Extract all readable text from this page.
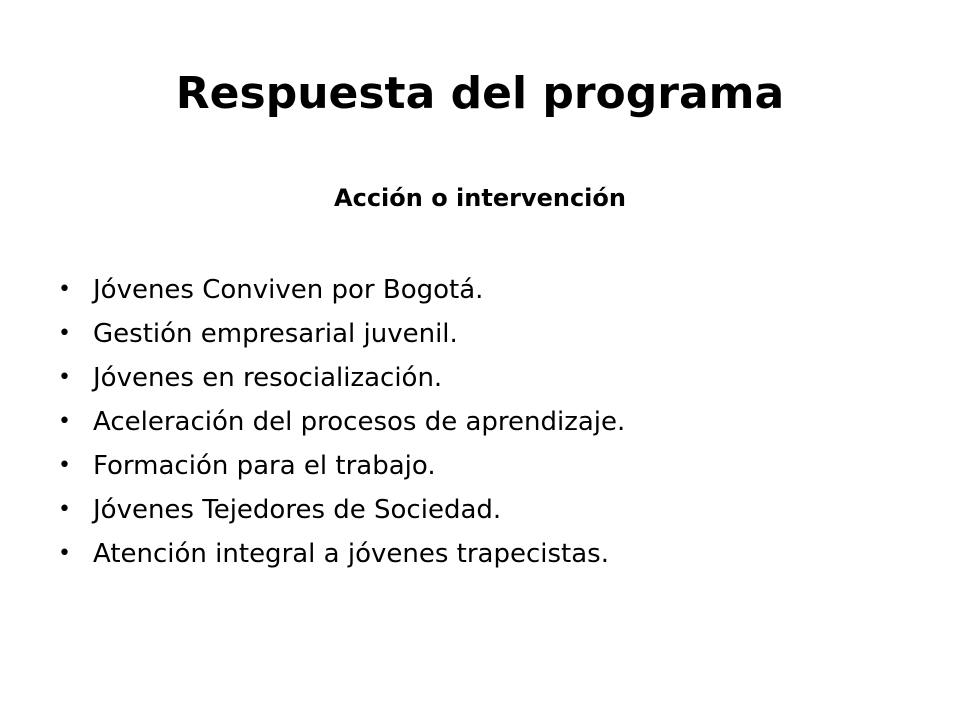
Respuesta del programa
Acción o intervención
• Jóvenes Conviven por Bogotá.
• Gestión empresarial juvenil.
• Jóvenes en resocialización.
• Aceleración del procesos de aprendizaje.
• Formación para el trabajo.
• Jóvenes Tejedores de Sociedad.
• Atención integral a jóvenes trapecistas.
